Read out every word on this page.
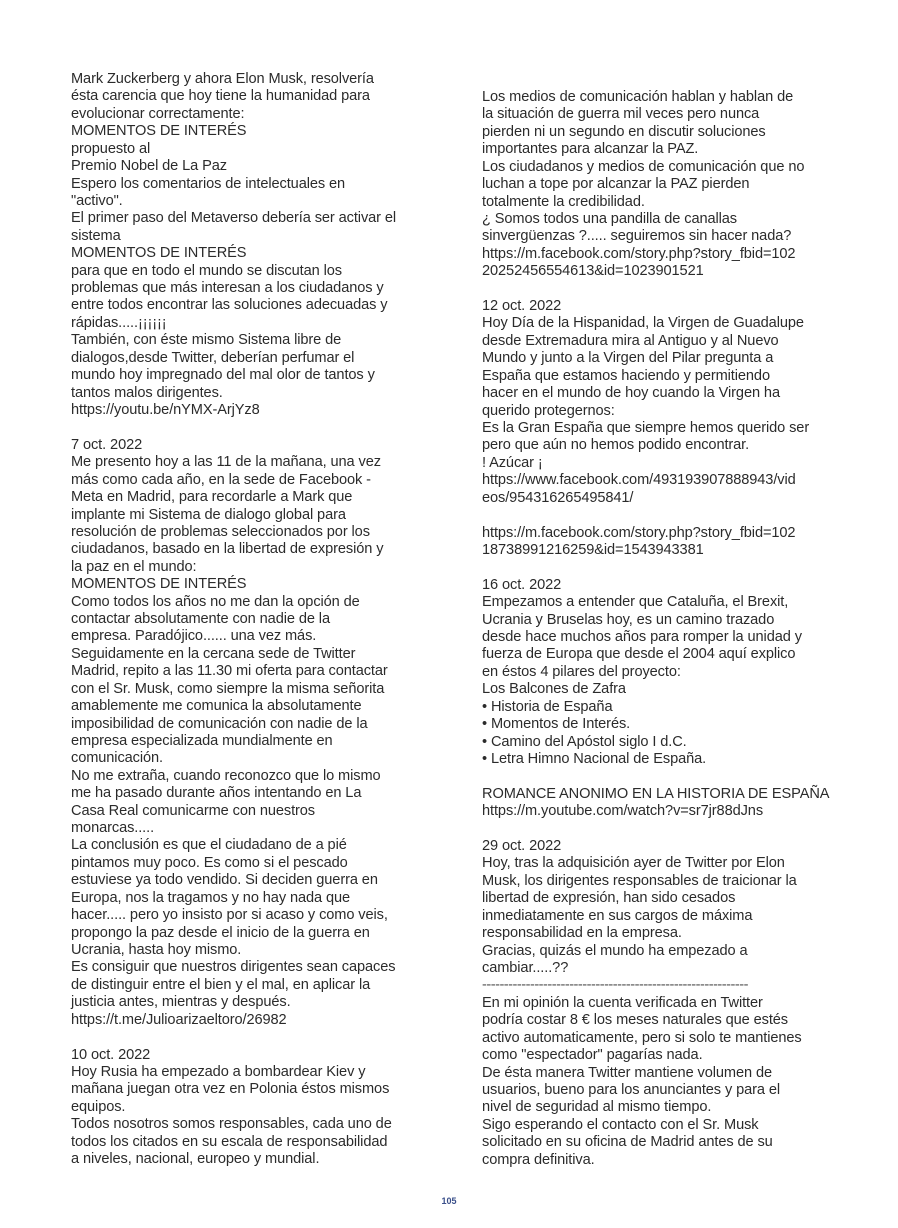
Mark Zuckerberg y ahora Elon Musk, resolvería
ésta carencia que hoy tiene la humanidad para
evolucionar correctamente:
MOMENTOS DE INTERÉS
propuesto al
Premio Nobel de La Paz
Espero los comentarios de intelectuales en
"activo".
El primer paso del Metaverso debería ser activar el
sistema
MOMENTOS DE INTERÉS
para que en todo el mundo se discutan los
problemas que más interesan a los ciudadanos y
entre todos encontrar las soluciones adecuadas y
rápidas.....¡¡¡¡¡¡
También, con éste mismo Sistema libre de
dialogos,desde Twitter, deberían perfumar el
mundo hoy impregnado del mal olor de tantos y
tantos malos dirigentes.
https://youtu.be/nYMX-ArjYz8
7 oct. 2022
Me presento hoy a las 11 de la mañana, una vez
más como cada año, en la sede de Facebook -
Meta en Madrid, para recordarle a Mark que
implante mi Sistema de dialogo global para
resolución de problemas seleccionados por los
ciudadanos, basado en la libertad de expresión y
la paz en el mundo:
MOMENTOS DE INTERÉS
Como todos los años no me dan la opción de
contactar absolutamente con nadie de la
empresa. Paradójico...... una vez más.
Seguidamente en la cercana sede de Twitter
Madrid, repito a las 11.30 mi oferta para contactar
con el Sr. Musk, como siempre la misma señorita
amablemente me comunica la absolutamente
imposibilidad de comunicación con nadie de la
empresa especializada mundialmente en
comunicación.
No me extraña, cuando reconozco que lo mismo
me ha pasado durante años intentando en La
Casa Real comunicarme con nuestros
monarcas.....
La conclusión es que el ciudadano de a pié
pintamos muy poco. Es como si el pescado
estuviese ya todo vendido. Si deciden guerra en
Europa, nos la tragamos y no hay nada que
hacer..... pero yo insisto por si acaso y como veis,
propongo la paz desde el inicio de la guerra en
Ucrania, hasta hoy mismo.
Es consiguir que nuestros dirigentes sean capaces
de distinguir entre el bien y el mal, en aplicar la
justicia antes, mientras y después.
https://t.me/Julioarizaeltoro/26982
10 oct. 2022
Hoy Rusia ha empezado a bombardear Kiev y
mañana juegan otra vez en Polonia éstos mismos
equipos.
Todos nosotros somos responsables, cada uno de
todos los citados en su escala de responsabilidad
a niveles, nacional, europeo y mundial.
Los medios de comunicación hablan y hablan de
la situación de guerra mil veces pero nunca
pierden ni un segundo en discutir soluciones
importantes para alcanzar la PAZ.
Los ciudadanos y medios de comunicación que no
luchan a tope por alcanzar la PAZ pierden
totalmente la credibilidad.
¿ Somos todos una pandilla de canallas
sinvergüenzas ?..... seguiremos sin hacer nada?
https://m.facebook.com/story.php?story_fbid=102
20252456554613&id=1023901521
12 oct. 2022
Hoy Día de la Hispanidad, la Virgen de Guadalupe
desde Extremadura mira al Antiguo y al Nuevo
Mundo y junto a la Virgen del Pilar pregunta a
España que estamos haciendo y permitiendo
hacer en el mundo de hoy cuando la Virgen ha
querido protegernos:
Es la Gran España que siempre hemos querido ser
pero que aún no hemos podido encontrar.
! Azúcar ¡
https://www.facebook.com/493193907888943/vid
eos/954316265495841/
https://m.facebook.com/story.php?story_fbid=102
18738991216259&id=1543943381
16 oct. 2022
Empezamos a entender que Cataluña, el Brexit,
Ucrania y Bruselas hoy, es un camino trazado
desde hace muchos años para romper la unidad y
fuerza de Europa que desde el 2004 aquí explico
en éstos 4 pilares del proyecto:
Los Balcones de Zafra
• Historia de España
• Momentos de Interés.
• Camino del Apóstol siglo I d.C.
• Letra Himno Nacional de España.
ROMANCE ANONIMO EN LA HISTORIA DE ESPAÑA
https://m.youtube.com/watch?v=sr7jr88dJns
29 oct. 2022
Hoy, tras la adquisición ayer de Twitter por Elon
Musk, los dirigentes responsables de traicionar la
libertad de expresión, han sido cesados
inmediatamente en sus cargos de máxima
responsabilidad en la empresa.
Gracias, quizás el mundo ha empezado a
cambiar.....??
-------------------------------------------------------------
En mi opinión la cuenta verificada en Twitter
podría costar 8 € los meses naturales que estés
activo automaticamente, pero si solo te mantienes
como "espectador" pagarías nada.
De ésta manera Twitter mantiene volumen de
usuarios, bueno para los anunciantes y para el
nivel de seguridad al mismo tiempo.
Sigo esperando el contacto con el Sr. Musk
solicitado en su oficina de Madrid antes de su
compra definitiva.
105
